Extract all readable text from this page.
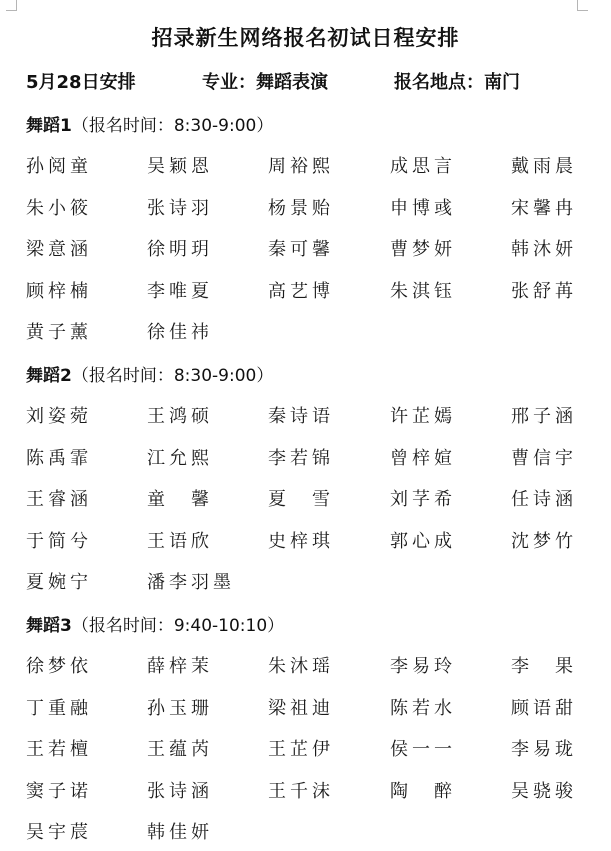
招录新生网络报名初试日程安排
5月28日安排	专业：舞蹈表演	报名地点：南门
舞蹈1（报名时间：8:30-9:00）
孙阅童	吴颖恩	周裕熙	成思言	戴雨晨
朱小筱	张诗羽	杨景贻	申博彧	宋馨冉
梁意涵	徐明玥	秦可馨	曹梦妍	韩沐妍
顾梓楠	李唯夏	高艺博	朱淇钰	张舒苒
黄子薰	徐佳祎
舞蹈2（报名时间：8:30-9:00）
刘姿菀	王鸿硕	秦诗语	许芷嫣	邢子涵
陈禹霏	江允熙	李若锦	曾梓媗	曹信宇
王睿涵	童　馨	夏　雪	刘芓希	任诗涵
于简兮	王语欣	史梓琪	郭心成	沈梦竹
夏婉宁	潘李羽墨
舞蹈3（报名时间：9:40-10:10）
徐梦依	薛梓茉	朱沐瑶	李易玲	李　果
丁重融	孙玉珊	梁祖迪	陈若水	顾语甜
王若檀	王蕴芮	王芷伊	侯一一	李易珑
窦子诺	张诗涵	王千沫	陶　醉	吴骁骏
吴宇莀	韩佳妍
